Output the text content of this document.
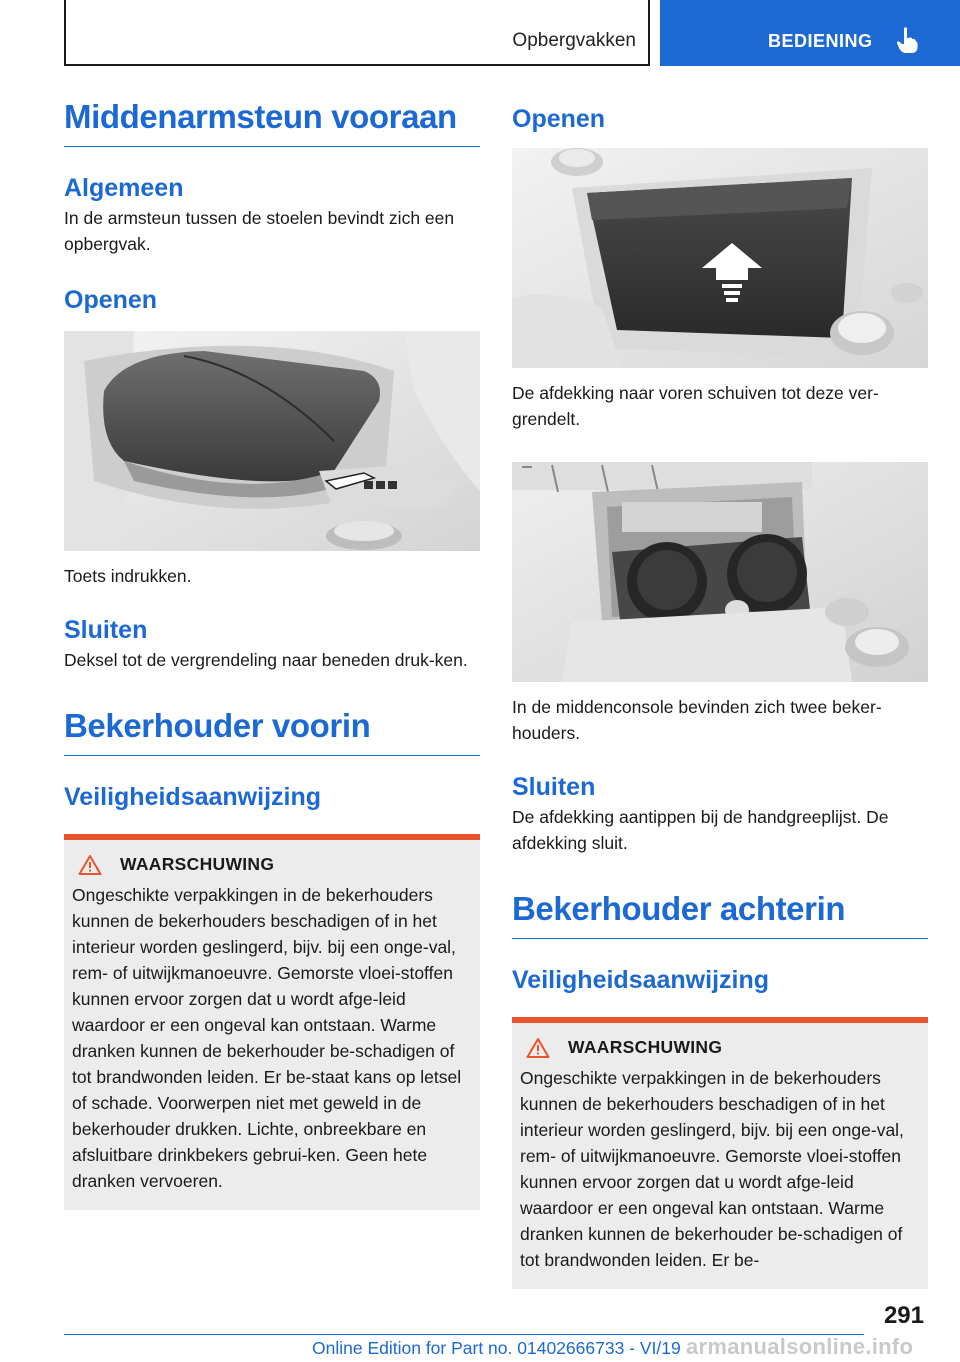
Opbergvakken	BEDIENING
Middenarmsteun vooraan
Algemeen

In de armsteun tussen de stoelen bevindt zich een opbergvak.

Openen

Toets indrukken.

Sluiten

Deksel tot de vergrendeling naar beneden druk-ken.

Bekerhouder voorin
Veiligheidsaanwijzing
WAARSCHUWING

Ongeschikte verpakkingen in de bekerhouders kunnen de bekerhouders beschadigen of in het interieur worden geslingerd, bijv. bij een onge-val, rem- of uitwijkmanoeuvre. Gemorste vloei-stoffen kunnen ervoor zorgen dat u wordt afge-leid waardoor er een ongeval kan ontstaan. Warme dranken kunnen de bekerhouder be-schadigen of tot brandwonden leiden. Er be-staat kans op letsel of schade. Voorwerpen niet met geweld in de bekerhouder drukken. Lichte, onbreekbare en afsluitbare drinkbekers gebrui-ken. Geen hete dranken vervoeren.

Openen

De afdekking naar voren schuiven tot deze ver-grendelt.

In de middenconsole bevinden zich twee beker-houders.

Sluiten

De afdekking aantippen bij de handgreeplijst. De afdekking sluit.

Bekerhouder achterin
Veiligheidsaanwijzing
WAARSCHUWING

Ongeschikte verpakkingen in de bekerhouders kunnen de bekerhouders beschadigen of in het interieur worden geslingerd, bijv. bij een onge-val, rem- of uitwijkmanoeuvre. Gemorste vloei-stoffen kunnen ervoor zorgen dat u wordt afge-leid waardoor er een ongeval kan ontstaan. Warme dranken kunnen de bekerhouder be-schadigen of tot brandwonden leiden. Er be-

291
Online Edition for Part no. 01402666733 - VI/19 armanualsonline.info
